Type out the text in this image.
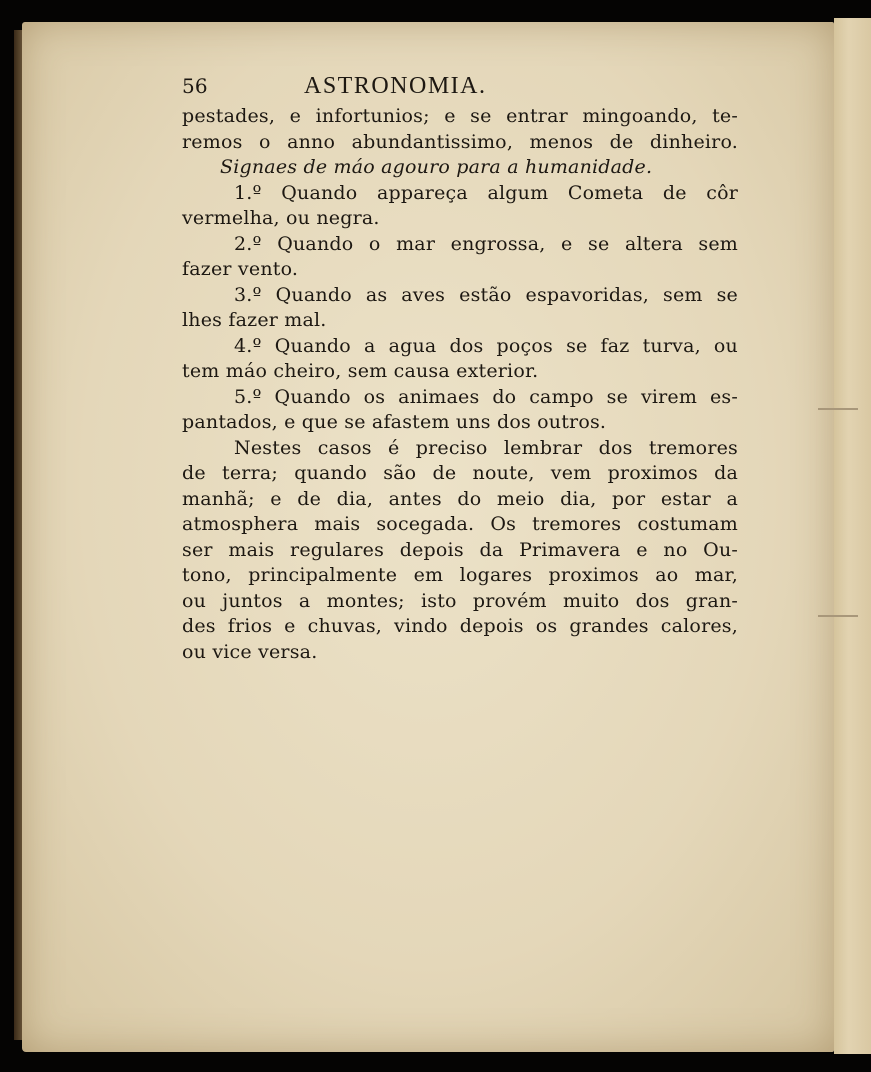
56	ASTRONOMIA.
pestades, e infortunios; e se entrar mingoando, te-
remos o anno abundantissimo, menos de dinheiro.
Signaes de máo agouro para a humanidade.
1.º Quando appareça algum Cometa de côr
vermelha, ou negra.
2.º Quando o mar engrossa, e se altera sem
fazer vento.
3.º Quando as aves estão espavoridas, sem se
lhes fazer mal.
4.º Quando a agua dos poços se faz turva, ou
tem máo cheiro, sem causa exterior.
5.º Quando os animaes do campo se virem es-
pantados, e que se afastem uns dos outros.
Nestes casos é preciso lembrar dos tremores
de terra; quando são de noute, vem proximos da
manhã; e de dia, antes do meio dia, por estar a
atmosphera mais socegada. Os tremores costumam
ser mais regulares depois da Primavera e no Ou-
tono, principalmente em logares proximos ao mar,
ou juntos a montes; isto provém muito dos gran-
des frios e chuvas, vindo depois os grandes calores,
ou vice versa.
